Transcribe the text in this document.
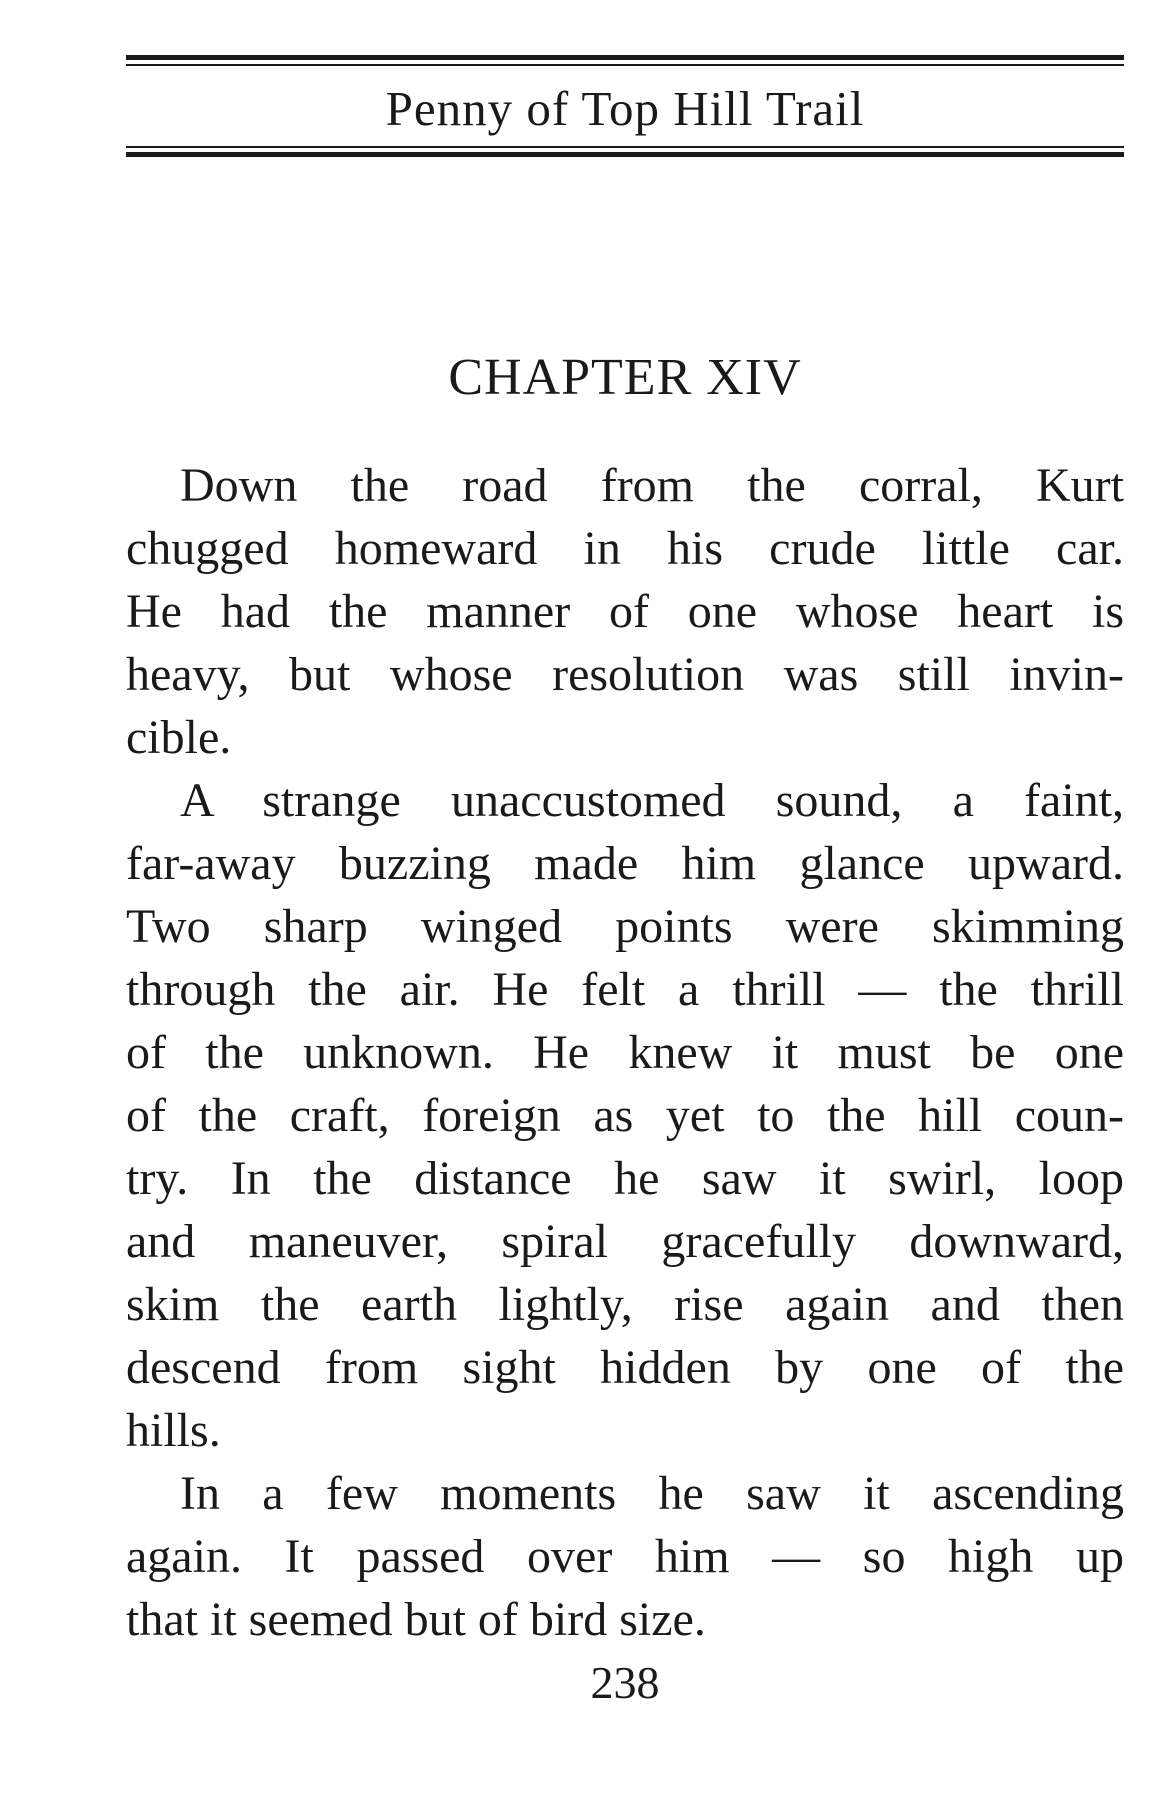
Penny of Top Hill Trail
CHAPTER XIV

Down the road from the corral, Kurt
chugged homeward in his crude little car.
He had the manner of one whose heart is
heavy, but whose resolution was still invin-
cible.

A strange unaccustomed sound, a faint,
far-away buzzing made him glance upward.
Two sharp winged points were skimming
through the air. He felt a thrill — the thrill
of the unknown. He knew it must be one
of the craft, foreign as yet to the hill coun-
try. In the distance he saw it swirl, loop
and maneuver, spiral gracefully downward,
skim the earth lightly, rise again and then
descend from sight hidden by one of the
hills.

In a few moments he saw it ascending
again. It passed over him — so high up
that it seemed but of bird size.

238
